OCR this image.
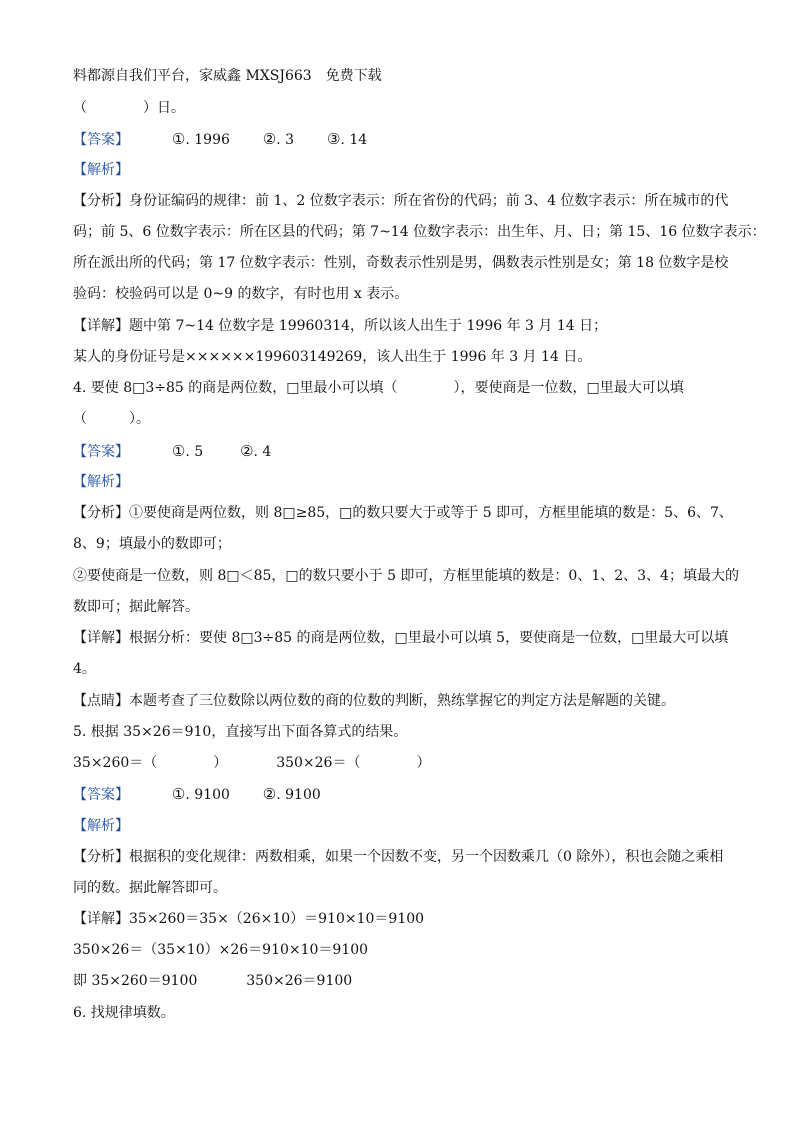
料都源自我们平台，家威鑫 MXSJ663　免费下载
（　　　　）日。
【答案】	①. 1996 ②. 3 ③. 14
【解析】
【分析】身份证编码的规律：前 1、2 位数字表示：所在省份的代码；前 3、4 位数字表示：所在城市的代
码；前 5、6 位数字表示：所在区县的代码；第 7~14 位数字表示：出生年、月、日；第 15、16 位数字表示：
所在派出所的代码；第 17 位数字表示：性别，奇数表示性别是男，偶数表示性别是女；第 18 位数字是校
验码：校验码可以是 0~9 的数字，有时也用 x 表示。
【详解】题中第 7~14 位数字是 19960314，所以该人出生于 1996 年 3 月 14 日；
某人的身份证号是××××××199603149269，该人出生于 1996 年 3 月 14 日。
4. 要使 8□3÷85 的商是两位数，□里最小可以填（　　　　），要使商是一位数，□里最大可以填
（　　　）。
【答案】	①. 5 ②. 4
【解析】
【分析】①要使商是两位数，则 8□≥85，□的数只要大于或等于 5 即可，方框里能填的数是：5、6、7、
8、9；填最小的数即可；
②要使商是一位数，则 8□＜85，□的数只要小于 5 即可，方框里能填的数是：0、1、2、3、4；填最大的
数即可；据此解答。
【详解】根据分析：要使 8□3÷85 的商是两位数，□里最小可以填 5，要使商是一位数，□里最大可以填
4。
【点睛】本题考查了三位数除以两位数的商的位数的判断，熟练掌握它的判定方法是解题的关键。
5. 根据 35×26＝910，直接写出下面各算式的结果。
35×260＝（　　　　）	350×26＝（　　　　）
【答案】	①. 9100 ②. 9100
【解析】
【分析】根据积的变化规律：两数相乘，如果一个因数不变，另一个因数乘几（0 除外），积也会随之乘相
同的数。据此解答即可。
【详解】35×260＝35×（26×10）＝910×10＝9100
350×26＝（35×10）×26＝910×10＝9100
即 35×260＝9100	350×26＝9100
6. 找规律填数。
